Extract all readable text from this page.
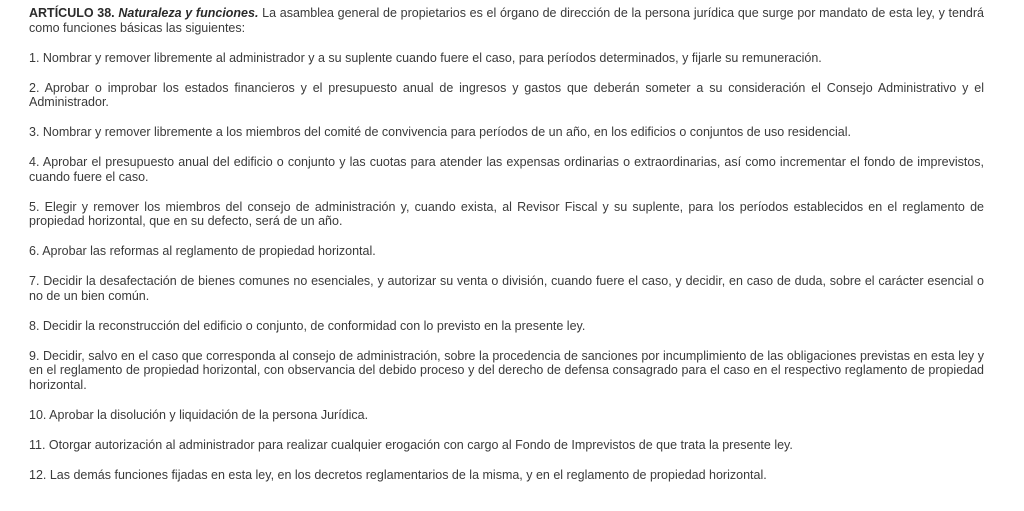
ARTÍCULO 38. Naturaleza y funciones. La asamblea general de propietarios es el órgano de dirección de la persona jurídica que surge por mandato de esta ley, y tendrá como funciones básicas las siguientes:

1. Nombrar y remover libremente al administrador y a su suplente cuando fuere el caso, para períodos determinados, y fijarle su remuneración.

2. Aprobar o improbar los estados financieros y el presupuesto anual de ingresos y gastos que deberán someter a su consideración el Consejo Administrativo y el Administrador.

3. Nombrar y remover libremente a los miembros del comité de convivencia para períodos de un año, en los edificios o conjuntos de uso residencial.

4. Aprobar el presupuesto anual del edificio o conjunto y las cuotas para atender las expensas ordinarias o extraordinarias, así como incrementar el fondo de imprevistos, cuando fuere el caso.

5. Elegir y remover los miembros del consejo de administración y, cuando exista, al Revisor Fiscal y su suplente, para los períodos establecidos en el reglamento de propiedad horizontal, que en su defecto, será de un año.

6. Aprobar las reformas al reglamento de propiedad horizontal.

7. Decidir la desafectación de bienes comunes no esenciales, y autorizar su venta o división, cuando fuere el caso, y decidir, en caso de duda, sobre el carácter esencial o no de un bien común.

8. Decidir la reconstrucción del edificio o conjunto, de conformidad con lo previsto en la presente ley.

9. Decidir, salvo en el caso que corresponda al consejo de administración, sobre la procedencia de sanciones por incumplimiento de las obligaciones previstas en esta ley y en el reglamento de propiedad horizontal, con observancia del debido proceso y del derecho de defensa consagrado para el caso en el respectivo reglamento de propiedad horizontal.

10. Aprobar la disolución y liquidación de la persona Jurídica.

11. Otorgar autorización al administrador para realizar cualquier erogación con cargo al Fondo de Imprevistos de que trata la presente ley.

12. Las demás funciones fijadas en esta ley, en los decretos reglamentarios de la misma, y en el reglamento de propiedad horizontal.
